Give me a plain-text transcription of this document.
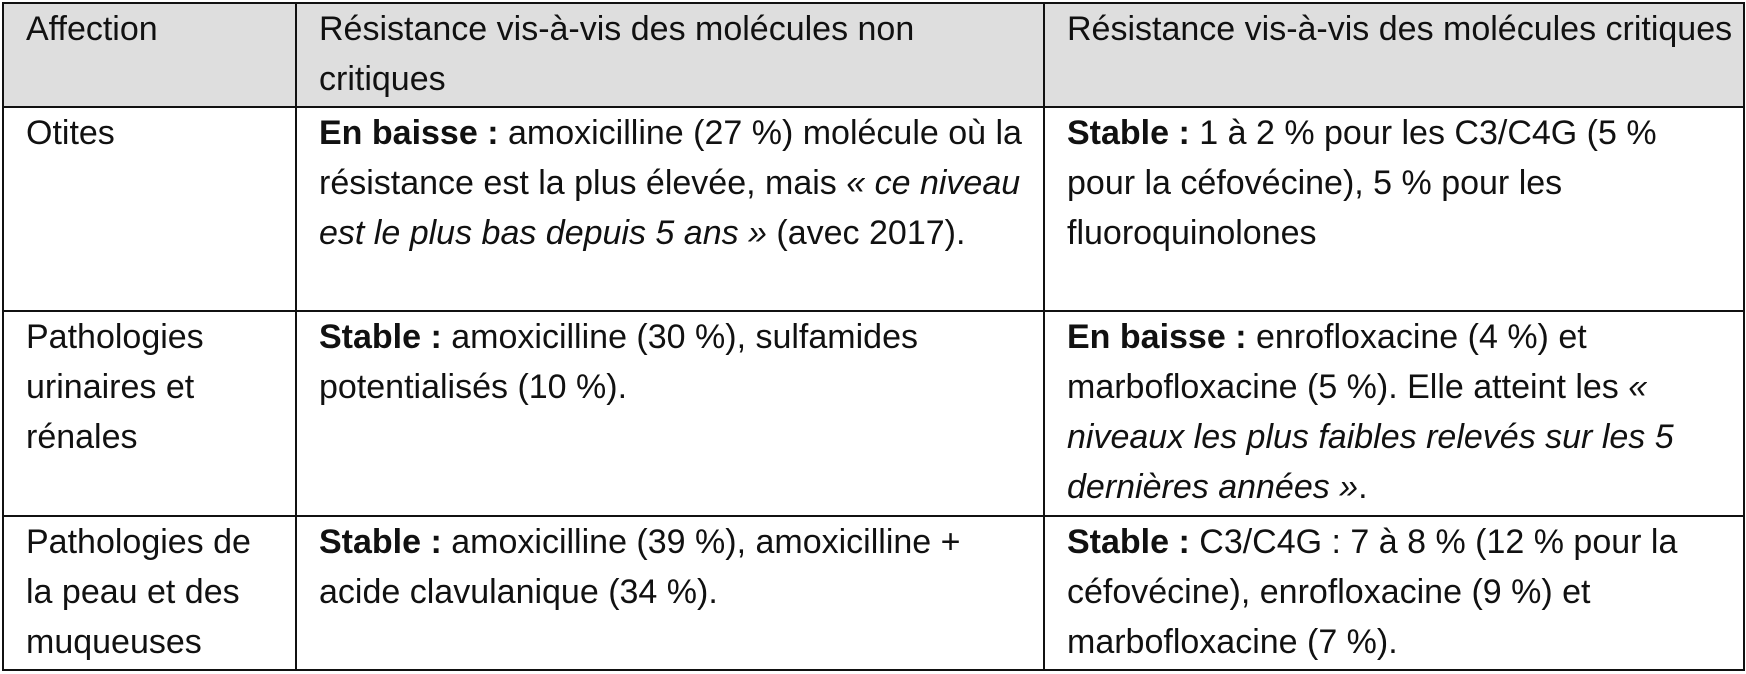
Affection	Résistance vis-à-vis des molécules non critiques	Résistance vis-à-vis des molécules critiques
Otites	En baisse : amoxicilline (27 %) molécule où la résistance est la plus élevée, mais « ce niveau est le plus bas depuis 5 ans » (avec 2017).	Stable : 1 à 2 % pour les C3/C4G (5 % pour la céfovécine), 5 % pour les fluoroquinolones
Pathologies urinaires et rénales	Stable : amoxicilline (30 %), sulfamides potentialisés (10 %).	En baisse : enrofloxacine (4 %) et marbofloxacine (5 %). Elle atteint les « niveaux les plus faibles relevés sur les 5 dernières années ».
Pathologies de la peau et des muqueuses	Stable : amoxicilline (39 %), amoxicilline + acide clavulanique (34 %).	Stable : C3/C4G : 7 à 8 % (12 % pour la céfovécine), enrofloxacine (9 %) et marbofloxacine (7 %).
